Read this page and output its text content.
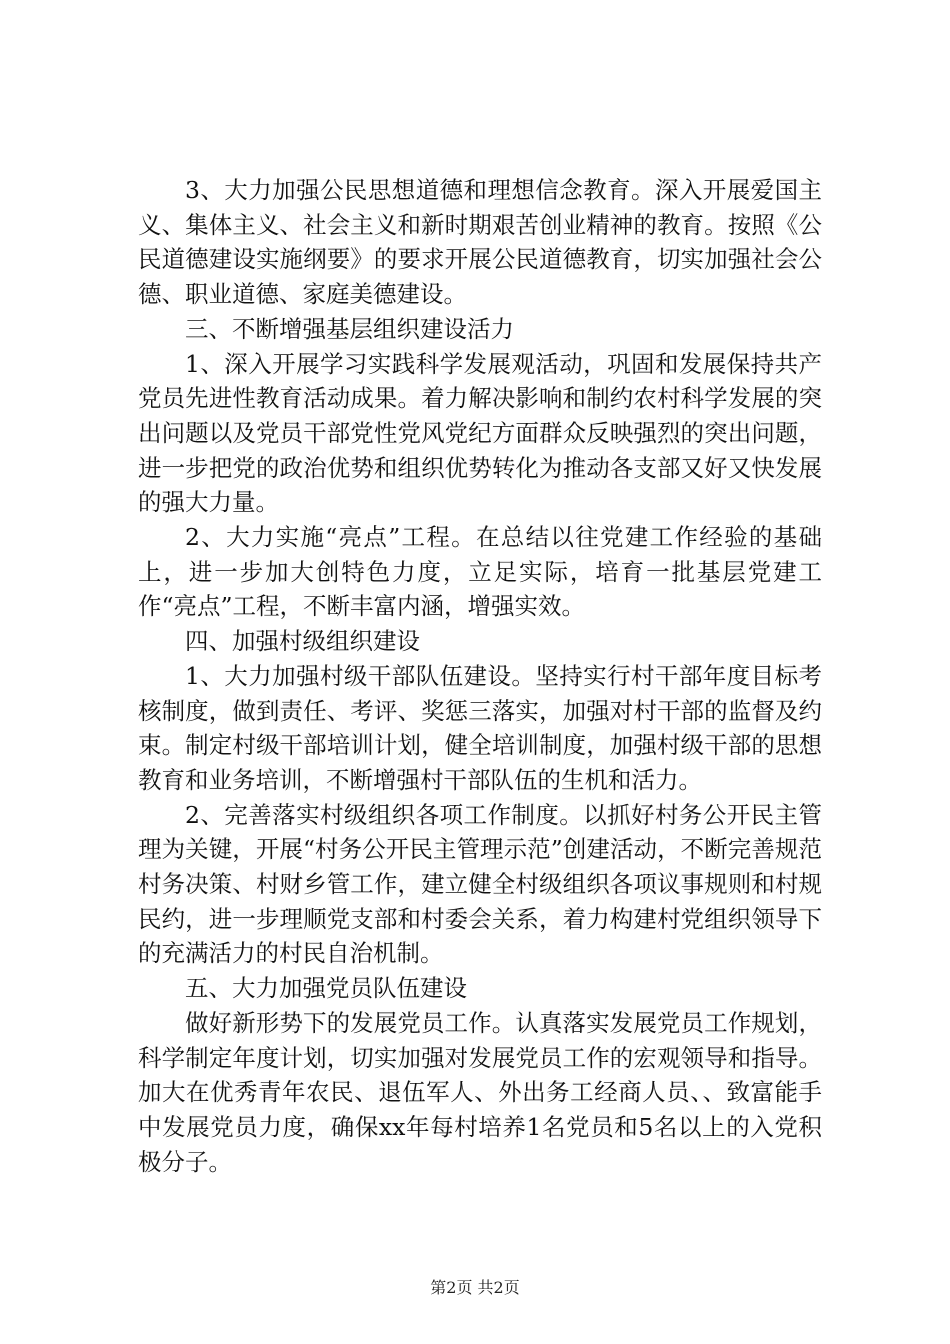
3、大力加强公民思想道德和理想信念教育。深入开展爱国主义、集体主义、社会主义和新时期艰苦创业精神的教育。按照《公民道德建设实施纲要》的要求开展公民道德教育，切实加强社会公德、职业道德、家庭美德建设。

三、不断增强基层组织建设活力

1、深入开展学习实践科学发展观活动，巩固和发展保持共产党员先进性教育活动成果。着力解决影响和制约农村科学发展的突出问题以及党员干部党性党风党纪方面群众反映强烈的突出问题，进一步把党的政治优势和组织优势转化为推动各支部又好又快发展的强大力量。

2、大力实施“亮点”工程。在总结以往党建工作经验的基础上，进一步加大创特色力度，立足实际，培育一批基层党建工作“亮点”工程，不断丰富内涵，增强实效。

四、加强村级组织建设

1、大力加强村级干部队伍建设。坚持实行村干部年度目标考核制度，做到责任、考评、奖惩三落实，加强对村干部的监督及约束。制定村级干部培训计划，健全培训制度，加强村级干部的思想教育和业务培训，不断增强村干部队伍的生机和活力。

2、完善落实村级组织各项工作制度。以抓好村务公开民主管理为关键，开展“村务公开民主管理示范”创建活动，不断完善规范村务决策、村财乡管工作，建立健全村级组织各项议事规则和村规民约，进一步理顺党支部和村委会关系，着力构建村党组织领导下的充满活力的村民自治机制。

五、大力加强党员队伍建设

做好新形势下的发展党员工作。认真落实发展党员工作规划，科学制定年度计划，切实加强对发展党员工作的宏观领导和指导。加大在优秀青年农民、退伍军人、外出务工经商人员、、致富能手中发展党员力度，确保xx年每村培养1名党员和5名以上的入党积极分子。

第2页 共2页
